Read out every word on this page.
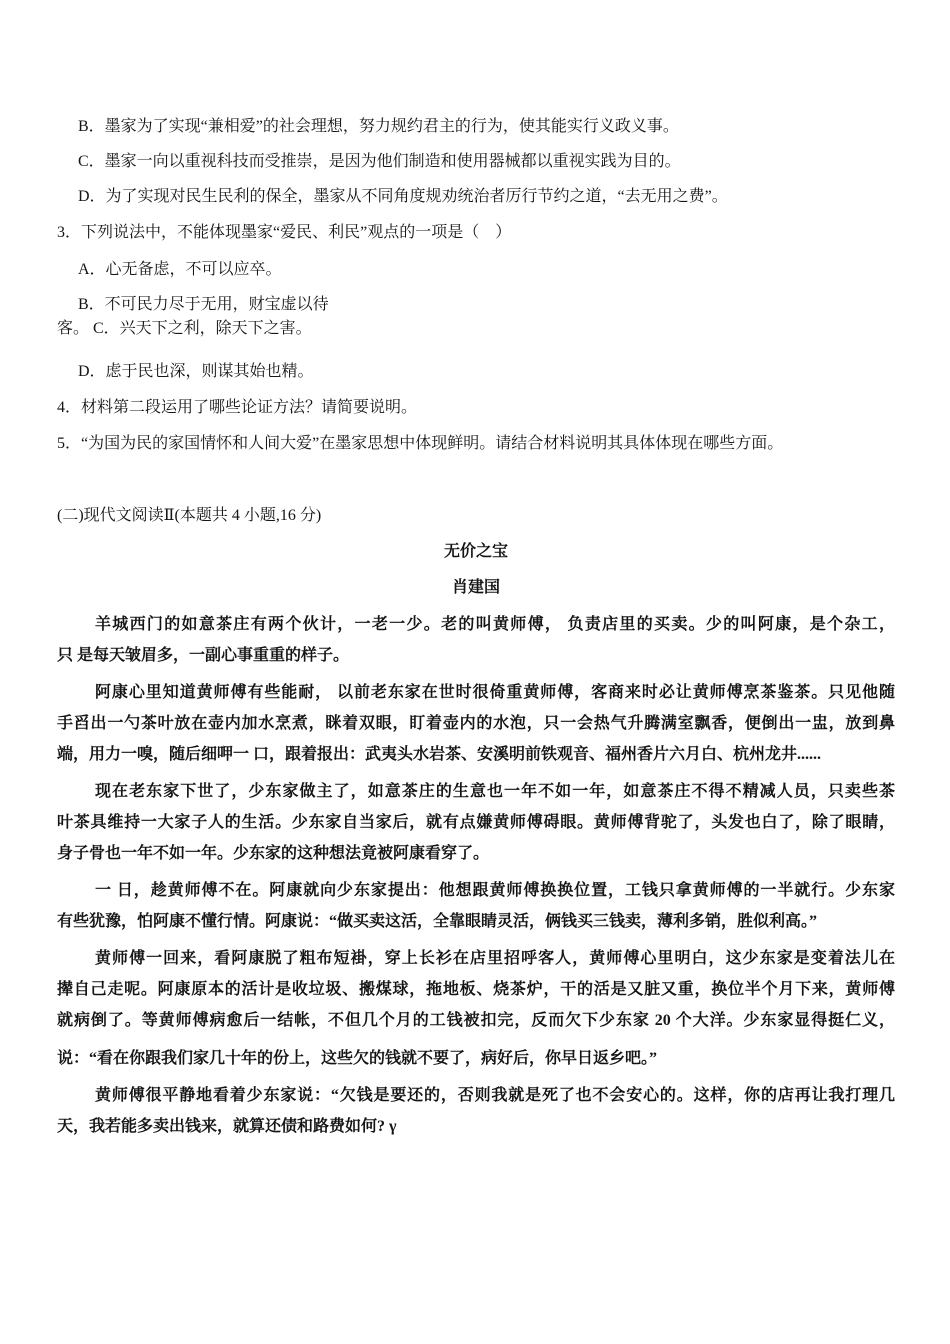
B．墨家为了实现“兼相爱”的社会理想，努力规约君主的行为，使其能实行义政义事。
C．墨家一向以重视科技而受推崇，是因为他们制造和使用器械都以重视实践为目的。
D．为了实现对民生民利的保全，墨家从不同角度规劝统治者厉行节约之道，“去无用之费”。
3．下列说法中，不能体现墨家“爱民、利民”观点的一项是（　）
A．心无备虑，不可以应卒。
B．不可民力尽于无用，财宝虚以待
客。 C．兴天下之利，除天下之害。
D．虑于民也深，则谋其始也精。
4．材料第二段运用了哪些论证方法？请简要说明。
5．“为国为民的家国情怀和人间大爱”在墨家思想中体现鲜明。请结合材料说明其具体体现在哪些方面。
(二)现代文阅读Ⅱ(本题共 4 小题,16 分)
无价之宝
肖建国
羊城西门的如意茶庄有两个伙计，一老一少。老的叫黄师傅， 负责店里的买卖。少的叫阿康，是个杂工，
只 是每天皱眉多，一副心事重重的样子。
阿康心里知道黄师傅有些能耐， 以前老东家在世时很倚重黄师傅，客商来时必让黄师傅烹茶鉴茶。只见他随
手舀出一勺茶叶放在壶内加水烹煮，眯着双眼，盯着壶内的水泡，只一会热气升腾满室飘香，便倒出一盅，放到鼻
端，用力一嗅，随后细呷一 口，跟着报出：武夷头水岩茶、安溪明前铁观音、福州香片六月白、杭州龙井......
现在老东家下世了，少东家做主了，如意茶庄的生意也一年不如一年，如意茶庄不得不精减人员，只卖些茶
叶茶具维持一大家子人的生活。少东家自当家后，就有点嫌黄师傅碍眼。黄师傅背驼了，头发也白了，除了眼睛，
身子骨也一年不如一年。少东家的这种想法竟被阿康看穿了。
一 日，趁黄师傅不在。阿康就向少东家提出：他想跟黄师傅换换位置，工钱只拿黄师傅的一半就行。少东家
有些犹豫，怕阿康不懂行情。阿康说：“做买卖这活，全靠眼睛灵活，俩钱买三钱卖，薄利多销，胜似利高。”
黄师傅一回来，看阿康脱了粗布短褂，穿上长衫在店里招呼客人，黄师傅心里明白，这少东家是变着法儿在
撵自己走呢。阿康原本的活计是收垃圾、搬煤球，拖地板、烧茶炉，干的活是又脏又重，换位半个月下来，黄师傅
就病倒了。等黄师傅病愈后一结帐，不但几个月的工钱被扣完，反而欠下少东家 20 个大洋。少东家显得挺仁义，
说：“看在你跟我们家几十年的份上，这些欠的钱就不要了，病好后，你早日返乡吧。”
黄师傅很平静地看着少东家说：“欠钱是要还的，否则我就是死了也不会安心的。这样，你的店再让我打理几
天，我若能多卖出钱来，就算还债和路费如何? γ
